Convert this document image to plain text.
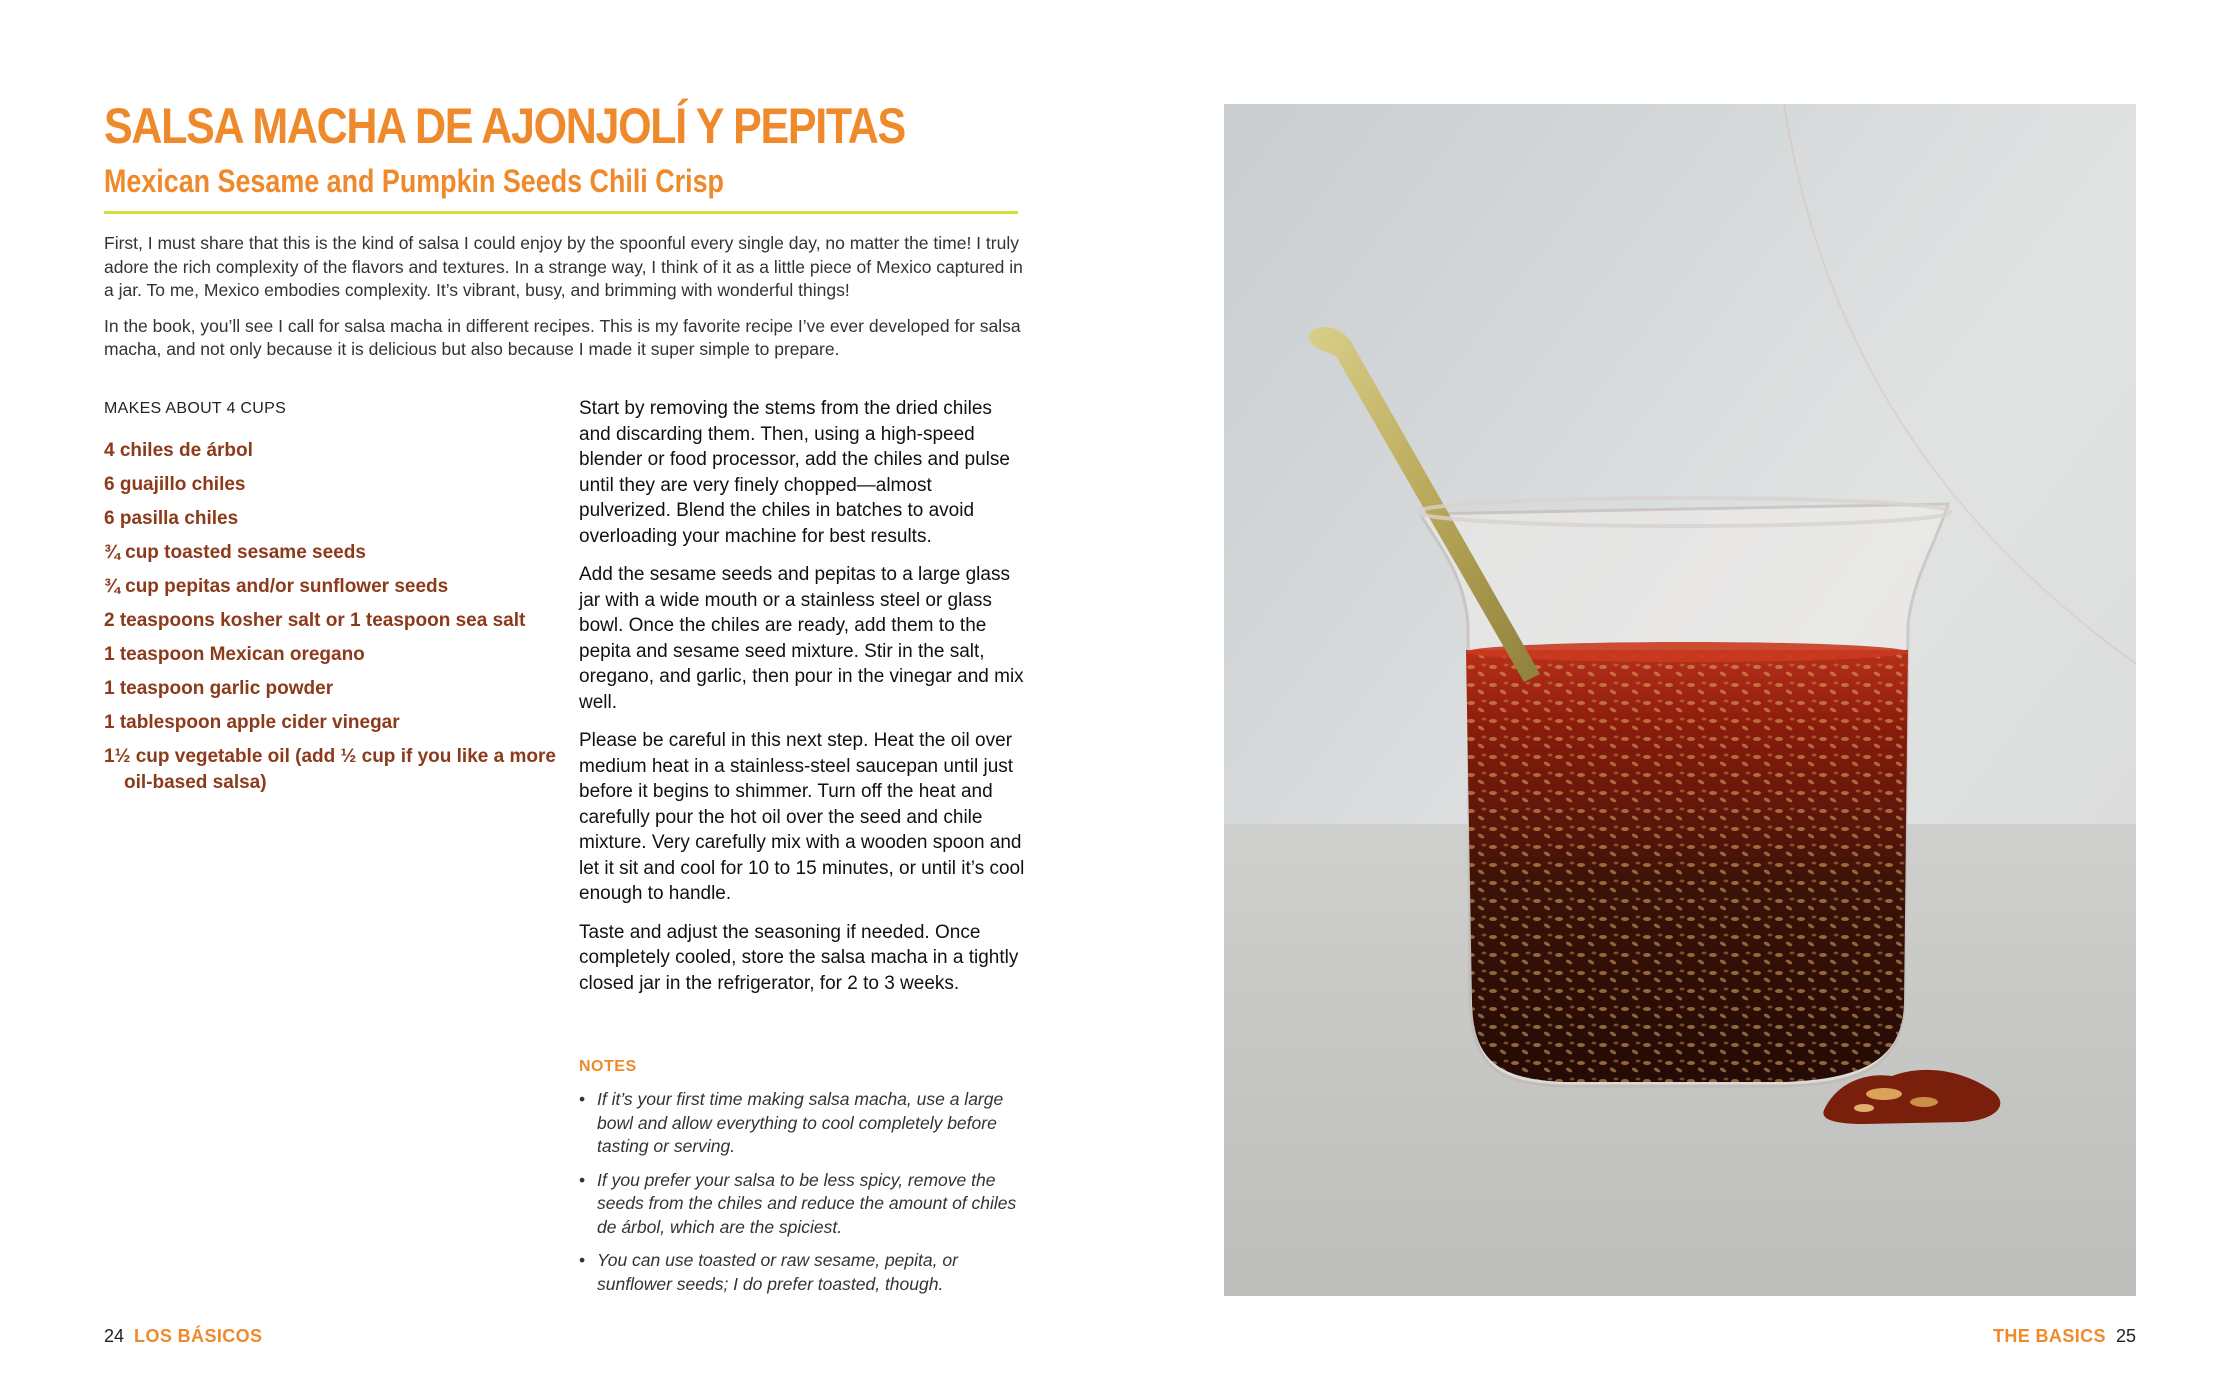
SALSA MACHA DE AJONJOLÍ Y PEPITAS
Mexican Sesame and Pumpkin Seeds Chili Crisp

First, I must share that this is the kind of salsa I could enjoy by the spoonful every single day, no matter the time! I truly adore the rich complexity of the flavors and textures. In a strange way, I think of it as a little piece of Mexico captured in a jar. To me, Mexico embodies complexity. It’s vibrant, busy, and brimming with wonderful things!

In the book, you’ll see I call for salsa macha in different recipes. This is my favorite recipe I’ve ever developed for salsa macha, and not only because it is delicious but also because I made it super simple to prepare.

MAKES ABOUT 4 CUPS
4 chiles de árbol
6 guajillo chiles
6 pasilla chiles
¾ cup toasted sesame seeds
¾ cup pepitas and/or sunflower seeds
2 teaspoons kosher salt or 1 teaspoon sea salt
1 teaspoon Mexican oregano
1 teaspoon garlic powder
1 tablespoon apple cider vinegar
1½ cup vegetable oil (add ½ cup if you like a more oil-based salsa)

Start by removing the stems from the dried chiles and discarding them. Then, using a high-speed blender or food processor, add the chiles and pulse until they are very finely chopped—almost pulverized. Blend the chiles in batches to avoid overloading your machine for best results.

Add the sesame seeds and pepitas to a large glass jar with a wide mouth or a stainless steel or glass bowl. Once the chiles are ready, add them to the pepita and sesame seed mixture. Stir in the salt, oregano, and garlic, then pour in the vinegar and mix well.

Please be careful in this next step. Heat the oil over medium heat in a stainless-steel saucepan until just before it begins to shimmer. Turn off the heat and carefully pour the hot oil over the seed and chile mixture. Very carefully mix with a wooden spoon and let it sit and cool for 10 to 15 minutes, or until it’s cool enough to handle.

Taste and adjust the seasoning if needed. Once completely cooled, store the salsa macha in a tightly closed jar in the refrigerator, for 2 to 3 weeks.

NOTES
• If it’s your first time making salsa macha, use a large bowl and allow everything to cool completely before tasting or serving.
• If you prefer your salsa to be less spicy, remove the seeds from the chiles and reduce the amount of chiles de árbol, which are the spiciest.
• You can use toasted or raw sesame, pepita, or sunflower seeds; I do prefer toasted, though.
24 LOS BÁSICOS	THE BASICS 25
